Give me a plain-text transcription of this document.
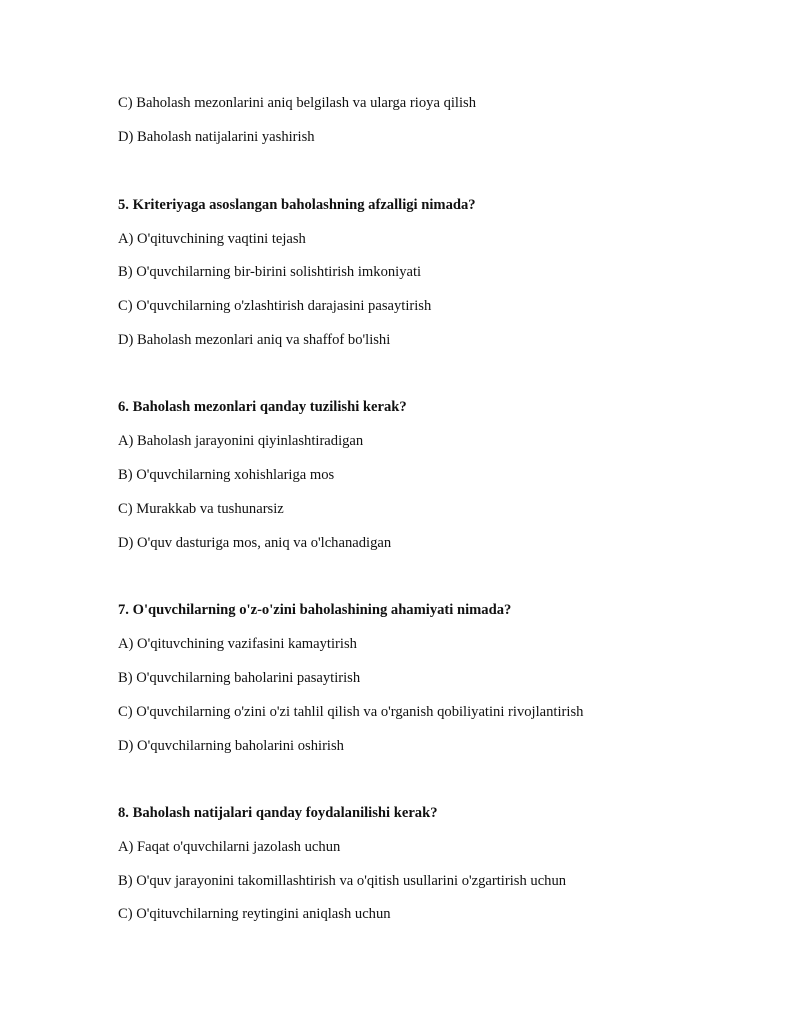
C) Baholash mezonlarini aniq belgilash va ularga rioya qilish
D) Baholash natijalarini yashirish
5. Kriteriyaga asoslangan baholashning afzalligi nimada?
A) O'qituvchining vaqtini tejash
B) O'quvchilarning bir-birini solishtirish imkoniyati
C) O'quvchilarning o'zlashtirish darajasini pasaytirish
D) Baholash mezonlari aniq va shaffof bo'lishi
6. Baholash mezonlari qanday tuzilishi kerak?
A) Baholash jarayonini qiyinlashtiradigan
B) O'quvchilarning xohishlariga mos
C) Murakkab va tushunarsiz
D) O'quv dasturiga mos, aniq va o'lchanadigan
7. O'quvchilarning o'z-o'zini baholashining ahamiyati nimada?
A) O'qituvchining vazifasini kamaytirish
B) O'quvchilarning baholarini pasaytirish
C) O'quvchilarning o'zini o'zi tahlil qilish va o'rganish qobiliyatini rivojlantirish
D) O'quvchilarning baholarini oshirish
8. Baholash natijalari qanday foydalanilishi kerak?
A) Faqat o'quvchilarni jazolash uchun
B) O'quv jarayonini takomillashtirish va o'qitish usullarini o'zgartirish uchun
C) O'qituvchilarning reytingini aniqlash uchun
